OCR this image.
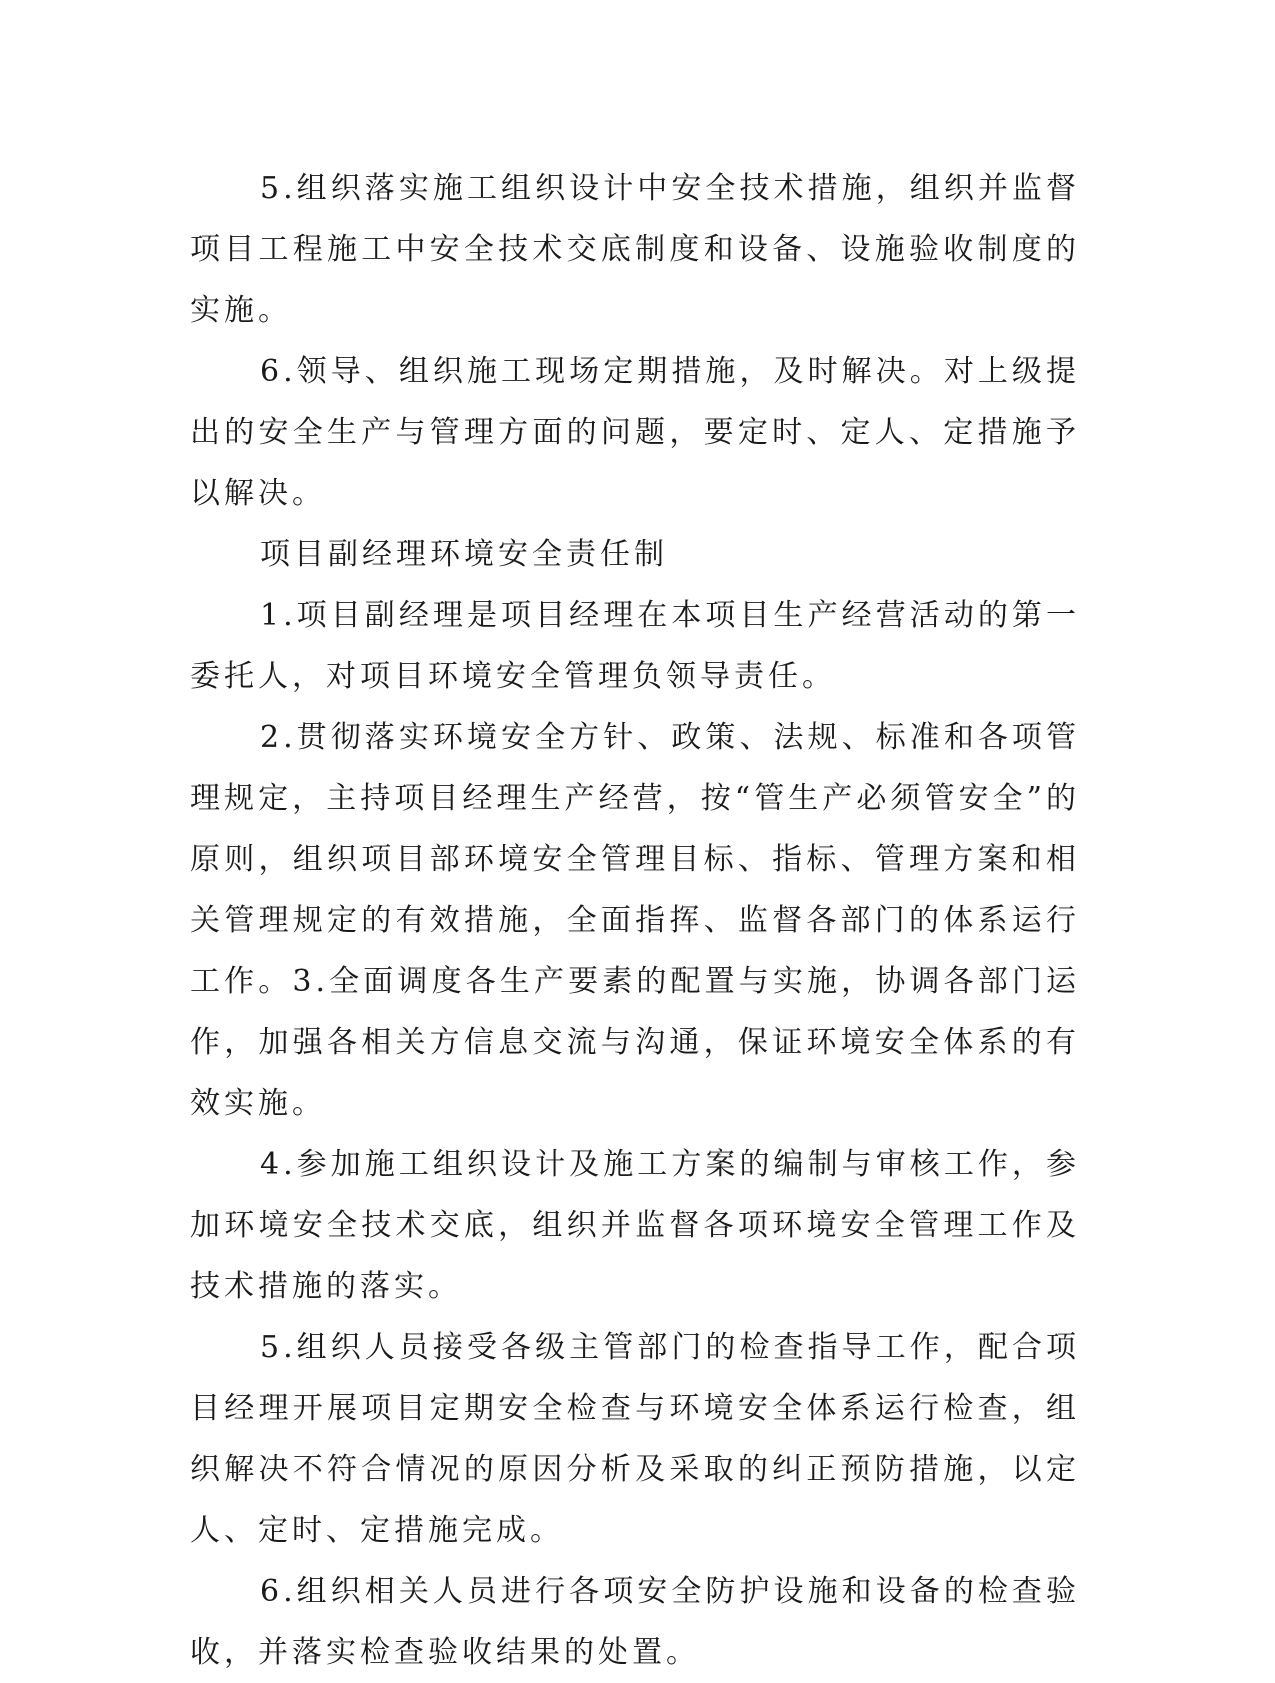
5.组织落实施工组织设计中安全技术措施，组织并监督项目工程施工中安全技术交底制度和设备、设施验收制度的实施。

6.领导、组织施工现场定期措施，及时解决。对上级提出的安全生产与管理方面的问题，要定时、定人、定措施予以解决。

项目副经理环境安全责任制

1.项目副经理是项目经理在本项目生产经营活动的第一委托人，对项目环境安全管理负领导责任。

2.贯彻落实环境安全方针、政策、法规、标准和各项管理规定，主持项目经理生产经营，按“管生产必须管安全”的原则，组织项目部环境安全管理目标、指标、管理方案和相关管理规定的有效措施，全面指挥、监督各部门的体系运行工作。3.全面调度各生产要素的配置与实施，协调各部门运作，加强各相关方信息交流与沟通，保证环境安全体系的有效实施。

4.参加施工组织设计及施工方案的编制与审核工作，参加环境安全技术交底，组织并监督各项环境安全管理工作及技术措施的落实。

5.组织人员接受各级主管部门的检查指导工作，配合项目经理开展项目定期安全检查与环境安全体系运行检查，组织解决不符合情况的原因分析及采取的纠正预防措施，以定人、定时、定措施完成。

6.组织相关人员进行各项安全防护设施和设备的检查验收，并落实检查验收结果的处置。
